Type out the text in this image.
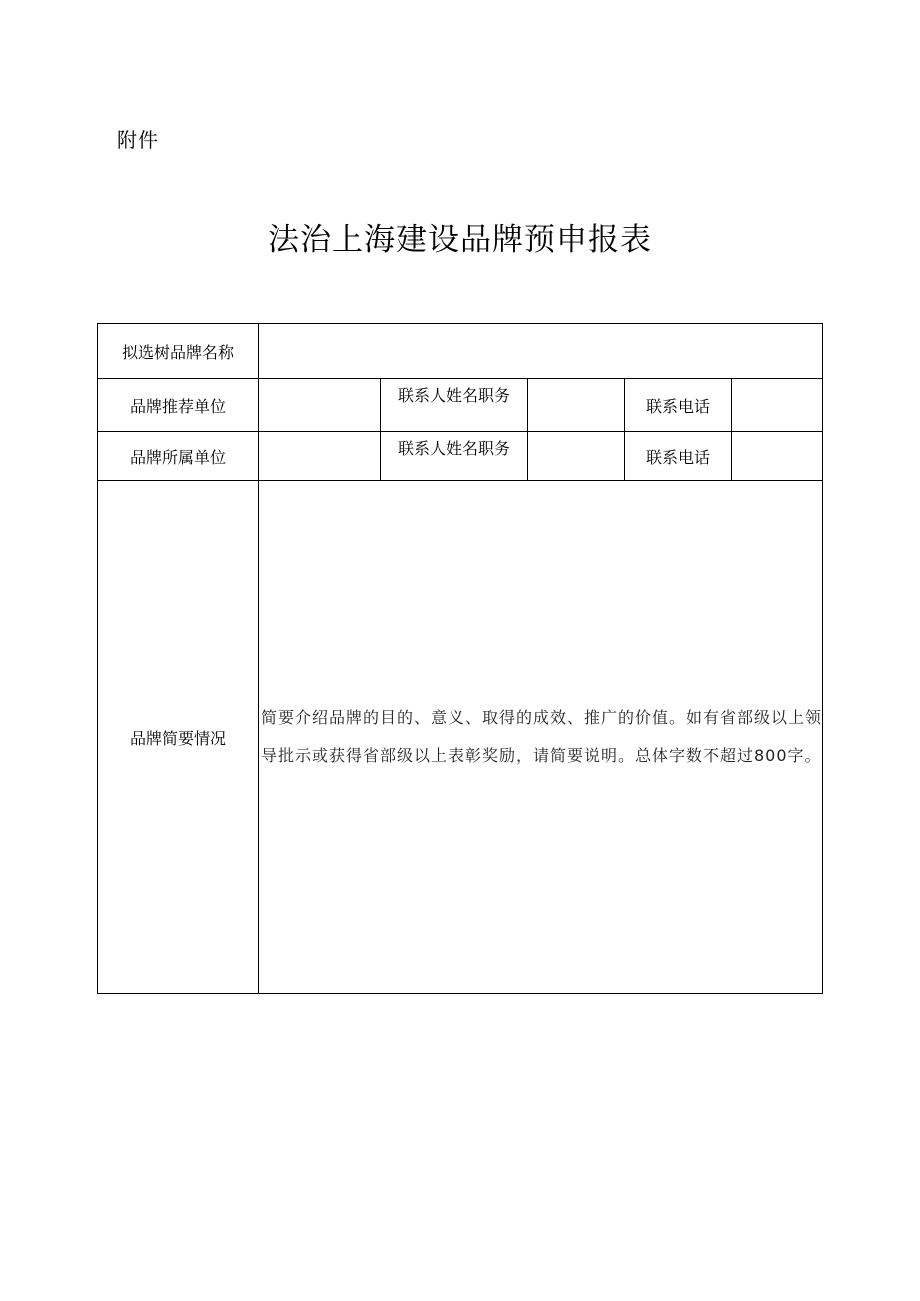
附件
法治上海建设品牌预申报表
拟选树品牌名称					
品牌推荐单位		联系人姓名职务		联系电话	
品牌所属单位		联系人姓名职务		联系电话	
品牌简要情况	简要介绍品牌的目的、意义、取得的成效、推广的价值。如有省部级以上领
导批示或获得省部级以上表彰奖励，请简要说明。总体字数不超过800字。				
